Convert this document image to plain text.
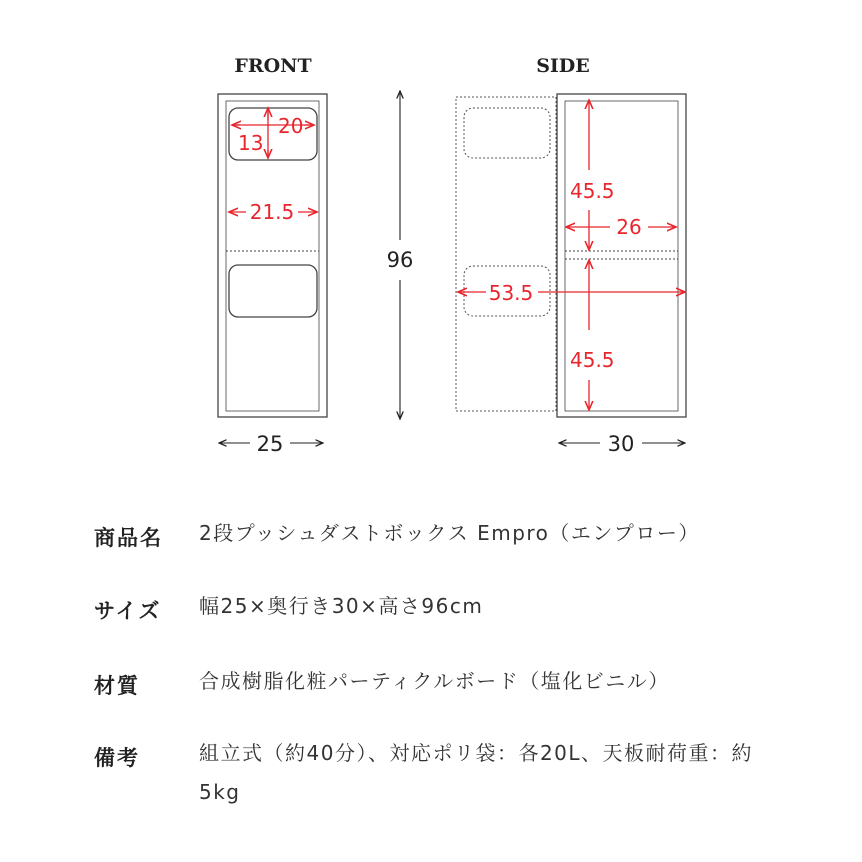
FRONT	SIDE
20
13
21.5
25
96
45.5
26
53.5
45.5
30
商品名 2段プッシュダストボックス Empro（エンプロー）
サイズ 幅25×奥行き30×高さ96cm
材質	合成樹脂化粧パーティクルボード（塩化ビニル）
備考	組立式（約40分）、対応ポリ袋：各20L、天板耐荷重：約5kg
